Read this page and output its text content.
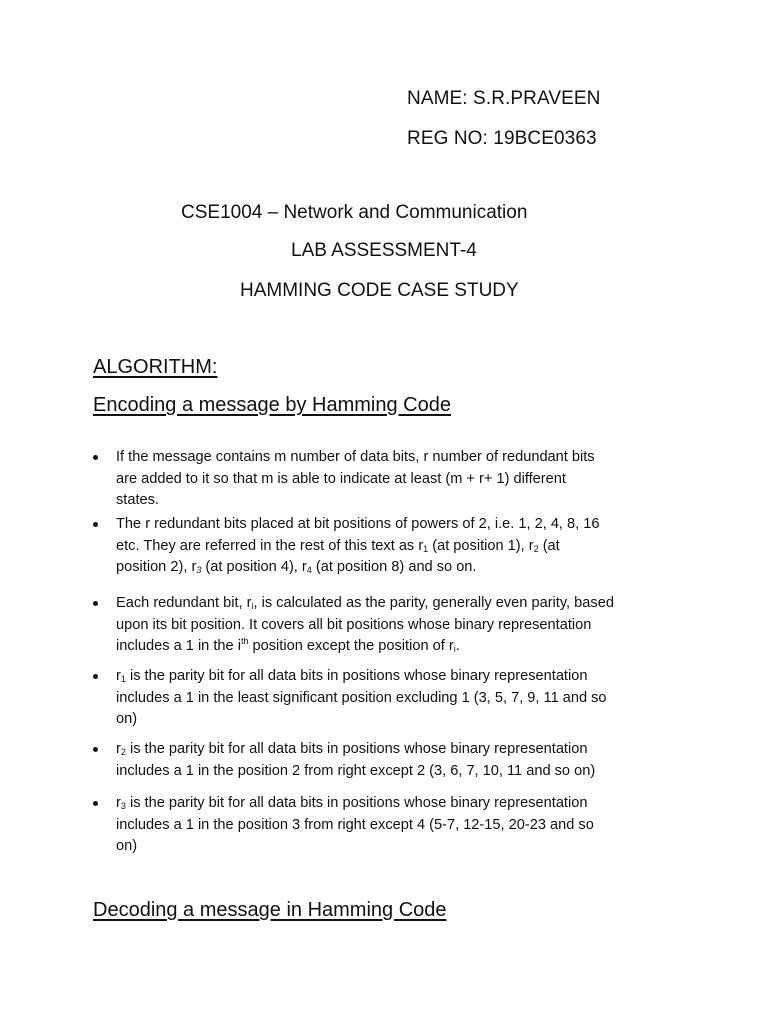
NAME: S.R.PRAVEEN
REG NO: 19BCE0363
CSE1004 – Network and Communication
LAB ASSESSMENT-4
HAMMING CODE CASE STUDY
ALGORITHM:
Encoding a message by Hamming Code
If the message contains m number of data bits, r number of redundant bits
are added to it so that m is able to indicate at least (m + r+ 1) different
states.
The r redundant bits placed at bit positions of powers of 2, i.e. 1, 2, 4, 8, 16
etc. They are referred in the rest of this text as $r_1$ (at position 1), $r_2$ (at
position 2), $r_3$ (at position 4), $r_4$ (at position 8) and so on.
Each redundant bit, $r_i$, is calculated as the parity, generally even parity, based
upon its bit position. It covers all bit positions whose binary representation
includes a 1 in the $i^{th}$ position except the position of $r_i$.
$r_1$ is the parity bit for all data bits in positions whose binary representation
includes a 1 in the least significant position excluding 1 (3, 5, 7, 9, 11 and so
on)
$r_2$ is the parity bit for all data bits in positions whose binary representation
includes a 1 in the position 2 from right except 2 (3, 6, 7, 10, 11 and so on)
$r_3$ is the parity bit for all data bits in positions whose binary representation
includes a 1 in the position 3 from right except 4 (5-7, 12-15, 20-23 and so
on)
Decoding a message in Hamming Code
